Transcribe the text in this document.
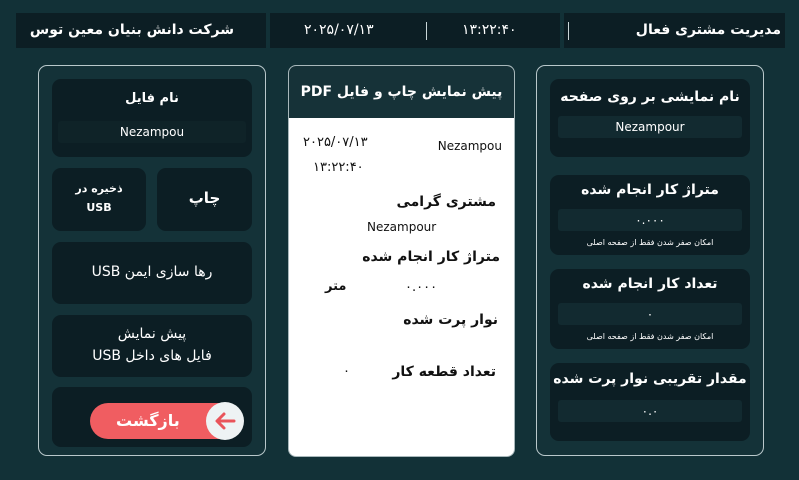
شرکت دانش بنیان معین توس	۲۰۲۵/۰۷/۱۳	۱۳:۲۲:۴۰	مدیریت مشتری فعال
نام فایل
Nezampou
ذخیره در
USB
چاپ
رها سازی ایمن USB
پیش نمایش
فایل های داخل USB
بازگشت
پیش نمایش چاپ و فایل PDF
۲۰۲۵/۰۷/۱۳
۱۳:۲۲:۴۰
Nezampou
مشتری گرامی
Nezampour
متراژ کار انجام شده
۰.۰۰۰
متر
نوار پرت شده
تعداد قطعه کار
۰
نام نمایشی بر روی صفحه
Nezampour
متراژ کار انجام شده
۰.۰۰۰
امکان صفر شدن فقط از صفحه اصلی
تعداد کار انجام شده
۰
امکان صفر شدن فقط از صفحه اصلی
مقدار تقریبی نوار پرت شده
۰.۰
